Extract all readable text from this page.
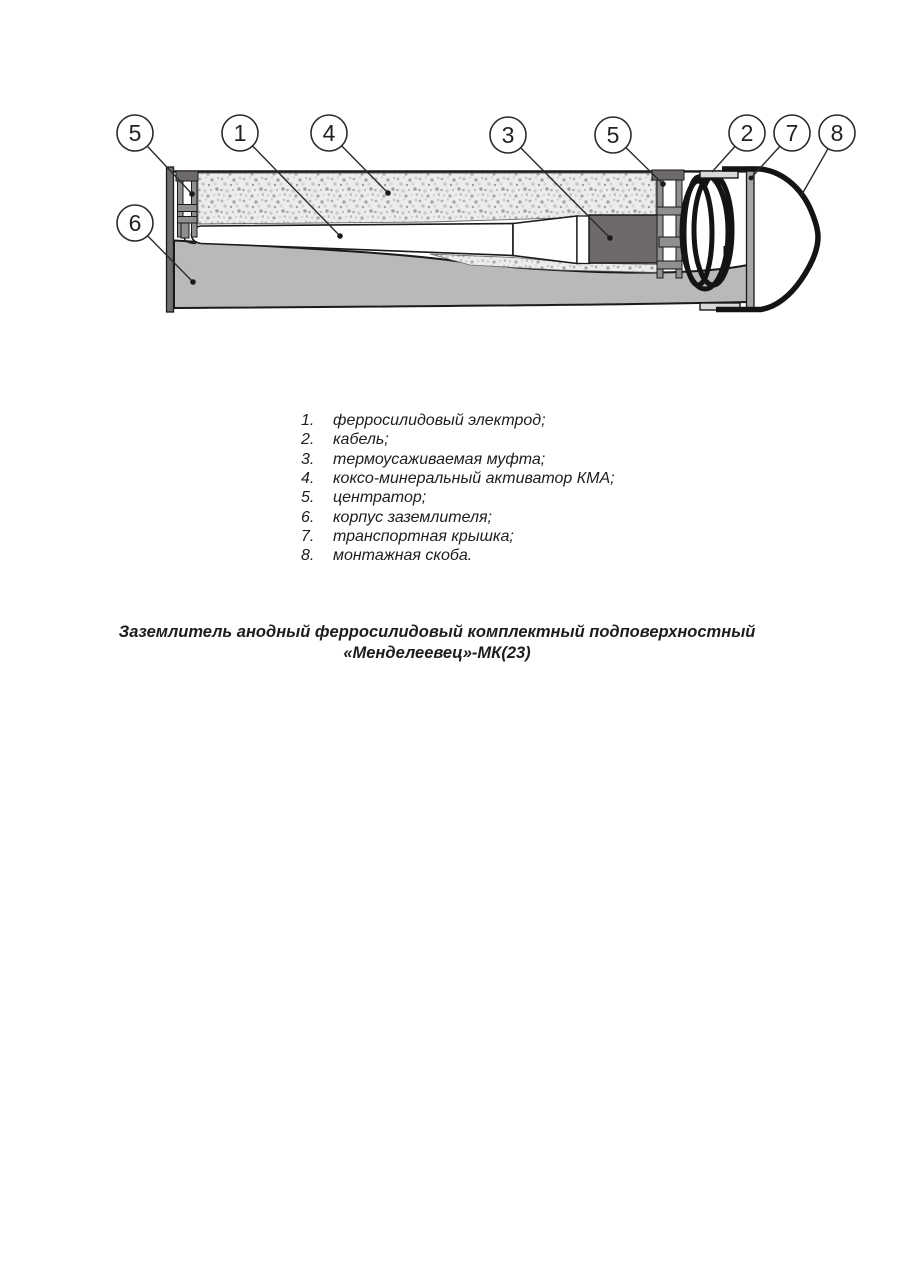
5	1	4	3	5	2 7 8
6
1.	ферросилидовый электрод;
2.	кабель;
3.	термоусаживаемая муфта;
4.	коксо-минеральный активатор КМА;
5.	центратор;
6.	корпус заземлителя;
7.	транспортная крышка;
8.	монтажная скоба.
Заземлитель анодный ферросилидовый комплектный подповерхностный
«Менделеевец»-МК(23)
